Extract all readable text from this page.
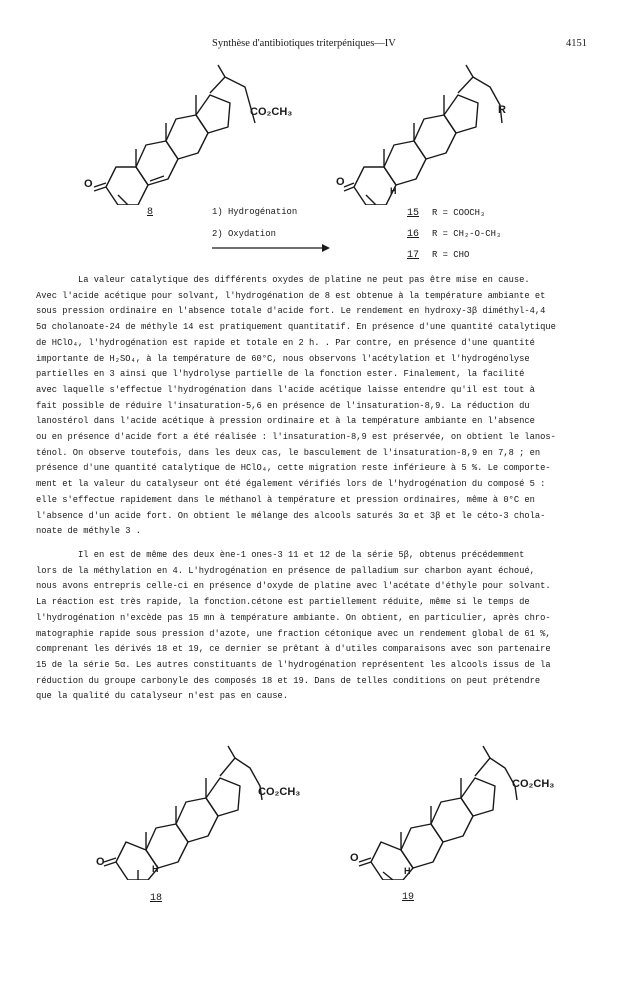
Synthèse d'antibiotiques triterpéniques—IV	4151
CO₂CH₃
O
R
O
H
8	1) Hydrogénation
2) Oxydation
15 R = COOCH₃
16 R = CH₂-O-CH₃
17 R = CHO

La valeur catalytique des différents oxydes de platine ne peut pas être mise en cause.
Avec l'acide acétique pour solvant, l'hydrogénation de 8 est obtenue à la température ambiante et
sous pression ordinaire en l'absence totale d'acide fort. Le rendement en hydroxy-3β diméthyl-4,4
5α cholanoate-24 de méthyle 14 est pratiquement quantitatif. En présence d'une quantité catalytique
de HClO₄, l'hydrogénation est rapide et totale en 2 h. . Par contre, en présence d'une quantité
importante de H₂SO₄, à la température de 60°C, nous observons l'acétylation et l'hydrogénolyse
partielles en 3 ainsi que l'hydrolyse partielle de la fonction ester. Finalement, la facilité
avec laquelle s'effectue l'hydrogénation dans l'acide acétique laisse entendre qu'il est tout à
fait possible de réduire l'insaturation-5,6 en présence de l'insaturation-8,9. La réduction du
lanostérol dans l'acide acétique à pression ordinaire et à la température ambiante en l'absence
ou en présence d'acide fort a été réalisée : l'insaturation-8,9 est préservée, on obtient le lanos-
ténol. On observe toutefois, dans les deux cas, le basculement de l'insaturation-8,9 en 7,8 ; en
présence d'une quantité catalytique de HClO₄, cette migration reste inférieure à 5 %. Le comporte-
ment et la valeur du catalyseur ont été également vérifiés lors de l'hydrogénation du composé 5 :
elle s'effectue rapidement dans le méthanol à température et pression ordinaires, même à 0°C en
l'absence d'un acide fort. On obtient le mélange des alcools saturés 3α et 3β et le céto-3 chola-
noate de méthyle 3 .

Il en est de même des deux ène-1 ones-3 11 et 12 de la série 5β, obtenus précédemment
lors de la méthylation en 4. L'hydrogénation en présence de palladium sur charbon ayant échoué,
nous avons entrepris celle-ci en présence d'oxyde de platine avec l'acétate d'éthyle pour solvant.
La réaction est très rapide, la fonction.cétone est partiellement réduite, même si le temps de
l'hydrogénation n'excède pas 15 mn à température ambiante. On obtient, en particulier, après chro-
matographie rapide sous pression d'azote, une fraction cétonique avec un rendement global de 61 %,
comprenant les dérivés 18 et 19, ce dernier se prêtant à d'utiles comparaisons avec son partenaire
15 de la série 5α. Les autres constituants de l'hydrogénation représentent les alcools issus de la
réduction du groupe carbonyle des composés 18 et 19. Dans de telles conditions on peut prétendre
que la qualité du catalyseur n'est pas en cause.

CO₂CH₃
O
H
18
CO₂CH₃
O
H
19
